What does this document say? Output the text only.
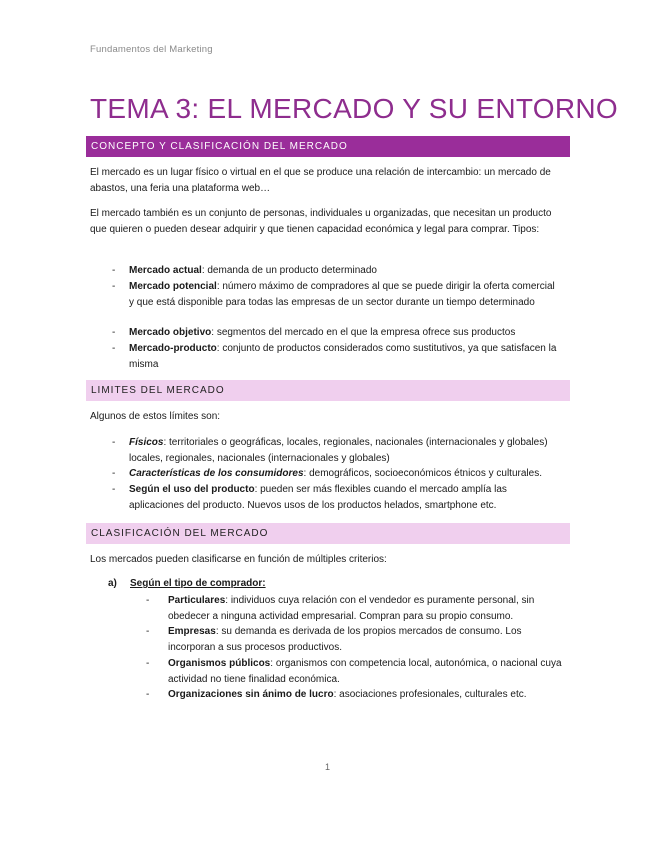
Fundamentos del Marketing
TEMA 3: EL MERCADO Y SU ENTORNO
CONCEPTO Y CLASIFICACIÓN DEL MERCADO
El mercado es un lugar físico o virtual en el que se produce una relación de intercambio: un mercado de abastos, una feria una plataforma web…
El mercado también es un conjunto de personas, individuales u organizadas, que necesitan un producto que quieren o pueden desear adquirir y que tienen capacidad económica y legal para comprar. Tipos:
- Mercado actual: demanda de un producto determinado
- Mercado potencial: número máximo de compradores al que se puede dirigir la oferta comercial y que está disponible para todas las empresas de un sector durante un tiempo determinado
- Mercado objetivo: segmentos del mercado en el que la empresa ofrece sus productos
- Mercado-producto: conjunto de productos considerados como sustitutivos, ya que satisfacen la misma
LIMITES DEL MERCADO
Algunos de estos límites son:
- Físicos: territoriales o geográficas, locales, regionales, nacionales (internacionales y globales) locales, regionales, nacionales (internacionales y globales)
- Características de los consumidores: demográficos, socioeconómicos étnicos y culturales.
- Según el uso del producto: pueden ser más flexibles cuando el mercado amplía las aplicaciones del producto. Nuevos usos de los productos helados, smartphone etc.
CLASIFICACIÓN DEL MERCADO
Los mercados pueden clasificarse en función de múltiples criterios:
a) Según el tipo de comprador:
- Particulares: individuos cuya relación con el vendedor es puramente personal, sin obedecer a ninguna actividad empresarial. Compran para su propio consumo.
- Empresas: su demanda es derivada de los propios mercados de consumo. Los incorporan a sus procesos productivos.
- Organismos públicos: organismos con competencia local, autonómica, o nacional cuya actividad no tiene finalidad económica.
- Organizaciones sin ánimo de lucro: asociaciones profesionales, culturales etc.
1
